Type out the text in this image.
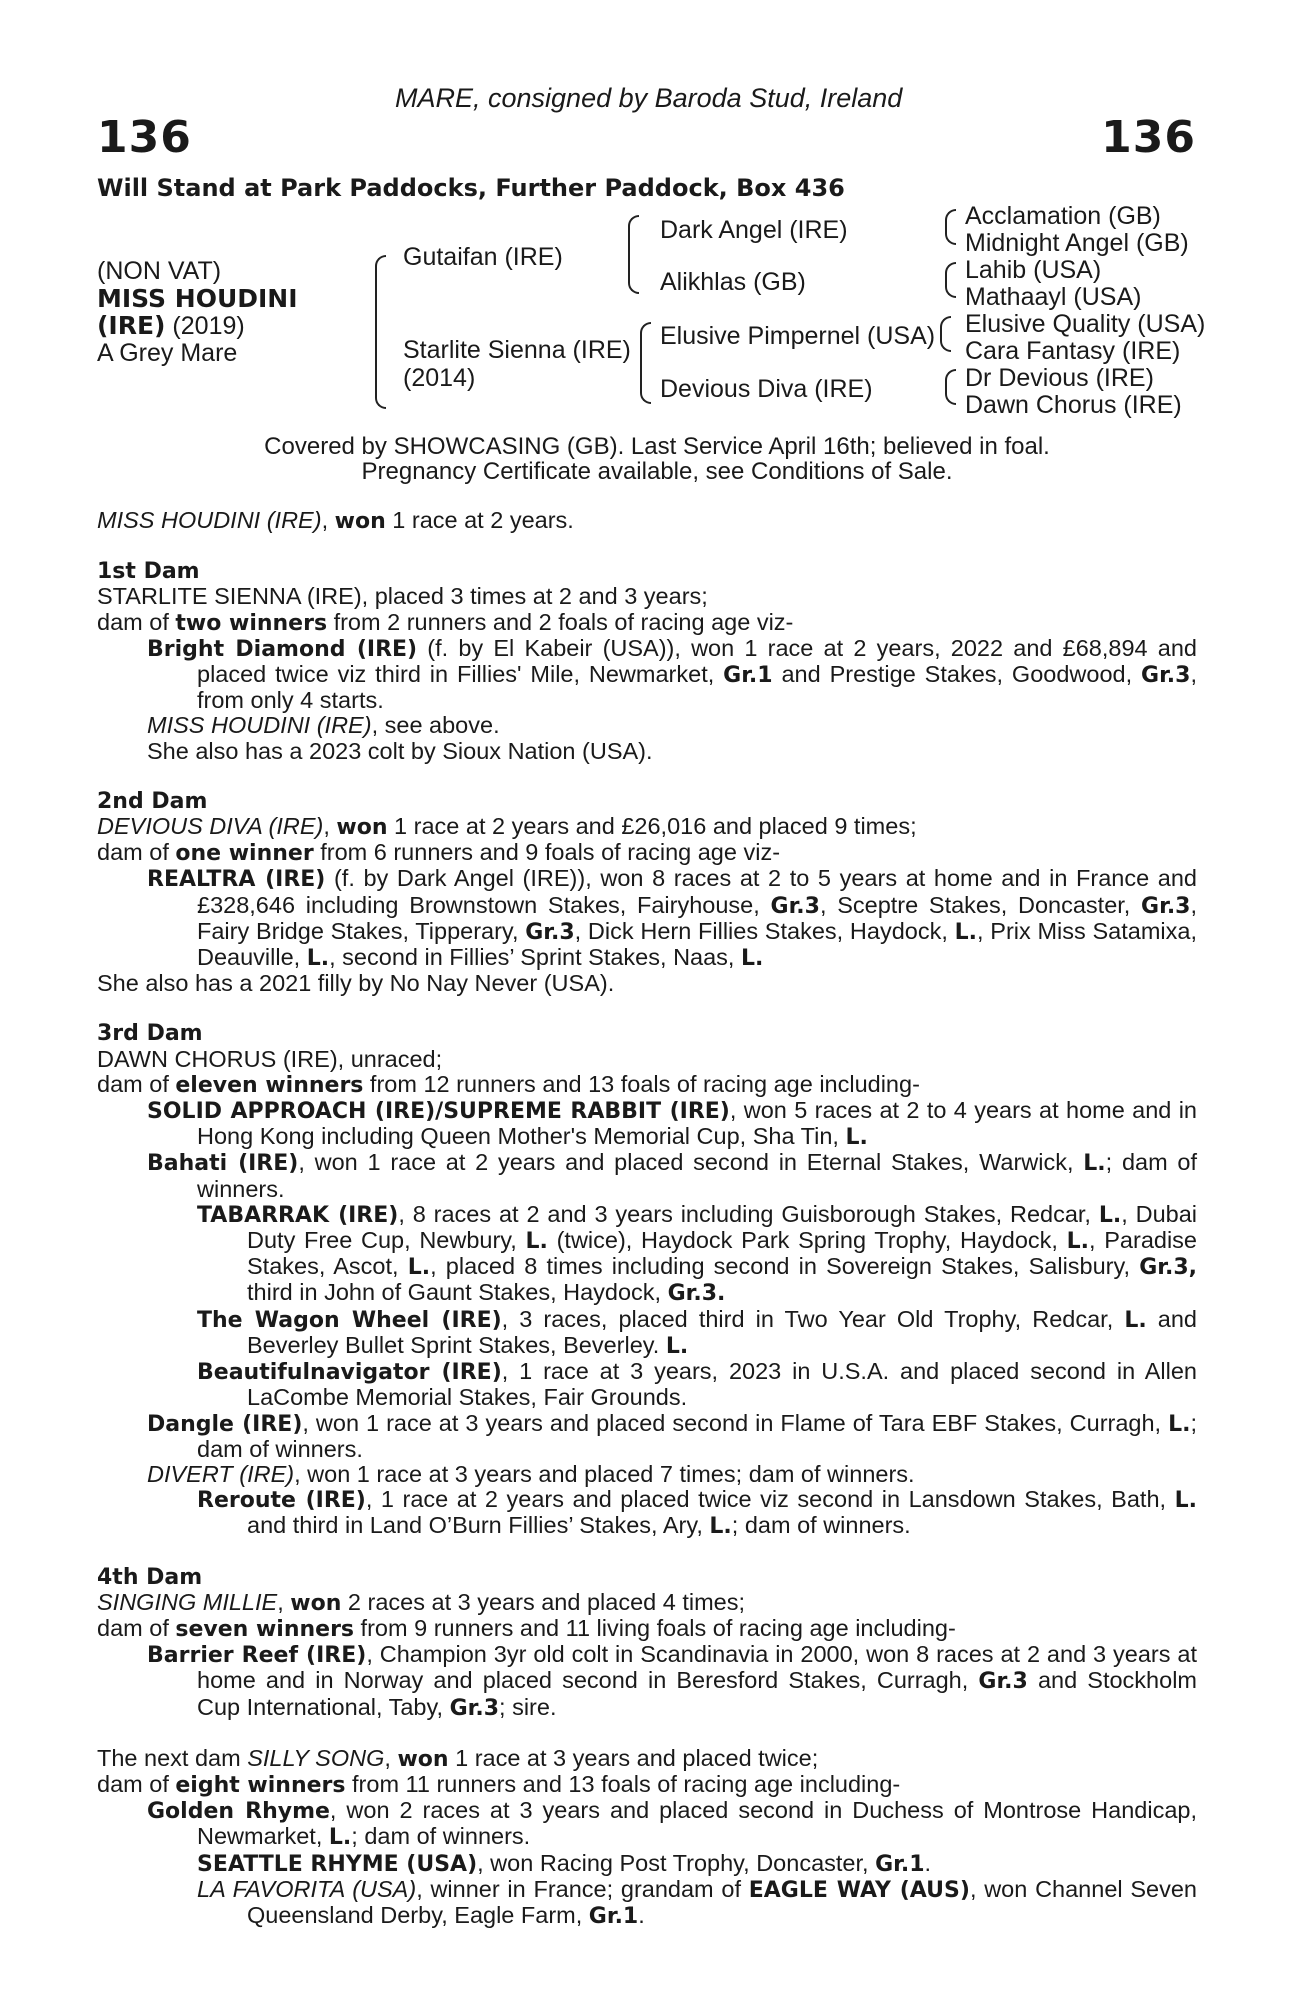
MARE, consigned by Baroda Stud, Ireland
136	136
Will Stand at Park Paddocks, Further Paddock, Box 436
(NON VAT)
MISS HOUDINI
(IRE) (2019)
A Grey Mare
Gutaifan (IRE)
Starlite Sienna (IRE)
(2014)
Dark Angel (IRE)
Alikhlas (GB)
Elusive Pimpernel (USA)
Devious Diva (IRE)
Acclamation (GB)
Midnight Angel (GB)
Lahib (USA)
Mathaayl (USA)
Elusive Quality (USA)
Cara Fantasy (IRE)
Dr Devious (IRE)
Dawn Chorus (IRE)
Covered by SHOWCASING (GB). Last Service April 16th; believed in foal.
Pregnancy Certificate available, see Conditions of Sale.

MISS HOUDINI (IRE), won 1 race at 2 years.

1st Dam

STARLITE SIENNA (IRE), placed 3 times at 2 and 3 years;

dam of two winners from 2 runners and 2 foals of racing age viz-

Bright Diamond (IRE) (f. by El Kabeir (USA)), won 1 race at 2 years, 2022 and £68,894 and placed twice viz third in Fillies' Mile, Newmarket, Gr.1 and Prestige Stakes, Goodwood, Gr.3, from only 4 starts.

MISS HOUDINI (IRE), see above.

She also has a 2023 colt by Sioux Nation (USA).

2nd Dam

DEVIOUS DIVA (IRE), won 1 race at 2 years and £26,016 and placed 9 times;

dam of one winner from 6 runners and 9 foals of racing age viz-

REALTRA (IRE) (f. by Dark Angel (IRE)), won 8 races at 2 to 5 years at home and in France and £328,646 including Brownstown Stakes, Fairyhouse, Gr.3, Sceptre Stakes, Doncaster, Gr.3, Fairy Bridge Stakes, Tipperary, Gr.3, Dick Hern Fillies Stakes, Haydock, L., Prix Miss Satamixa, Deauville, L., second in Fillies’ Sprint Stakes, Naas, L.

She also has a 2021 filly by No Nay Never (USA).

3rd Dam

DAWN CHORUS (IRE), unraced;

dam of eleven winners from 12 runners and 13 foals of racing age including-

SOLID APPROACH (IRE)/SUPREME RABBIT (IRE), won 5 races at 2 to 4 years at home and in Hong Kong including Queen Mother's Memorial Cup, Sha Tin, L.

Bahati (IRE), won 1 race at 2 years and placed second in Eternal Stakes, Warwick, L.; dam of winners.

TABARRAK (IRE), 8 races at 2 and 3 years including Guisborough Stakes, Redcar, L., Dubai Duty Free Cup, Newbury, L. (twice), Haydock Park Spring Trophy, Haydock, L., Paradise Stakes, Ascot, L., placed 8 times including second in Sovereign Stakes, Salisbury, Gr.3, third in John of Gaunt Stakes, Haydock, Gr.3.

The Wagon Wheel (IRE), 3 races, placed third in Two Year Old Trophy, Redcar, L. and Beverley Bullet Sprint Stakes, Beverley. L.

Beautifulnavigator (IRE), 1 race at 3 years, 2023 in U.S.A. and placed second in Allen LaCombe Memorial Stakes, Fair Grounds.

Dangle (IRE), won 1 race at 3 years and placed second in Flame of Tara EBF Stakes, Curragh, L.; dam of winners.

DIVERT (IRE), won 1 race at 3 years and placed 7 times; dam of winners.

Reroute (IRE), 1 race at 2 years and placed twice viz second in Lansdown Stakes, Bath, L. and third in Land O’Burn Fillies’ Stakes, Ary, L.; dam of winners.

4th Dam

SINGING MILLIE, won 2 races at 3 years and placed 4 times;

dam of seven winners from 9 runners and 11 living foals of racing age including-

Barrier Reef (IRE), Champion 3yr old colt in Scandinavia in 2000, won 8 races at 2 and 3 years at home and in Norway and placed second in Beresford Stakes, Curragh, Gr.3 and Stockholm Cup International, Taby, Gr.3; sire.

The next dam SILLY SONG, won 1 race at 3 years and placed twice;

dam of eight winners from 11 runners and 13 foals of racing age including-

Golden Rhyme, won 2 races at 3 years and placed second in Duchess of Montrose Handicap, Newmarket, L.; dam of winners.

SEATTLE RHYME (USA), won Racing Post Trophy, Doncaster, Gr.1.

LA FAVORITA (USA), winner in France; grandam of EAGLE WAY (AUS), won Channel Seven Queensland Derby, Eagle Farm, Gr.1.
